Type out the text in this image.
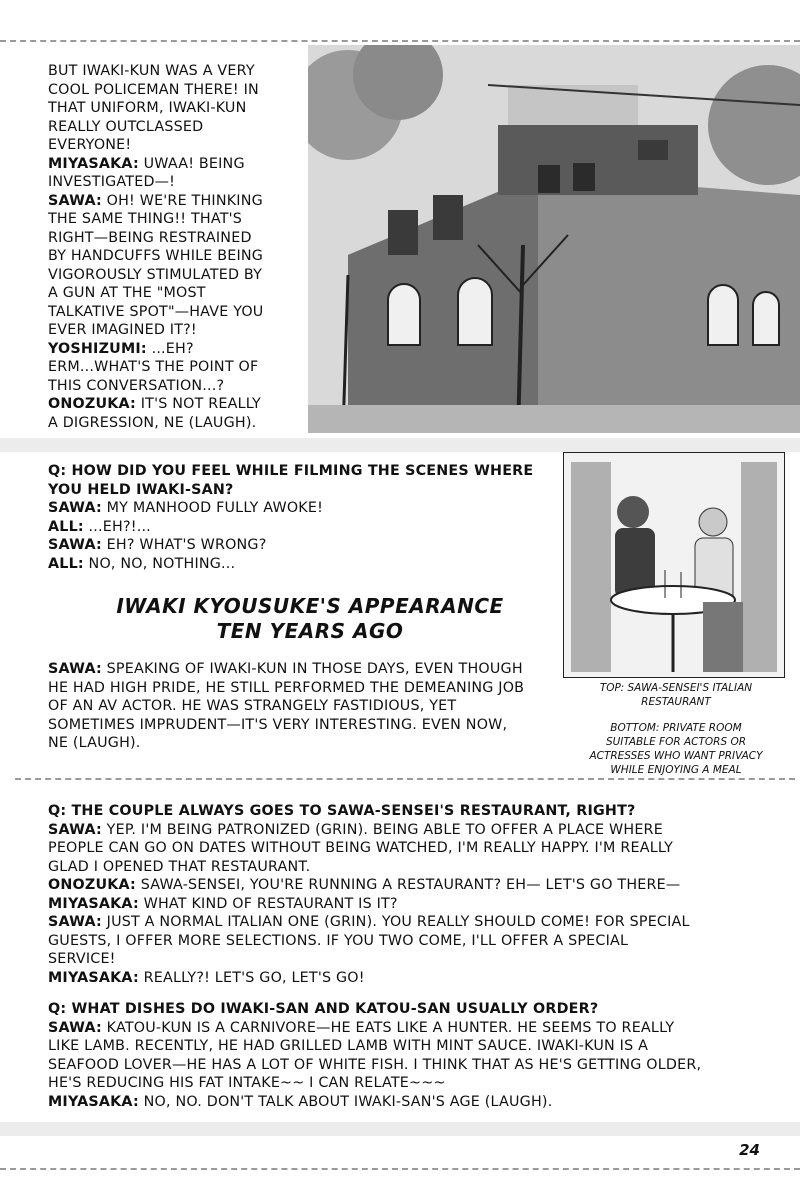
BUT IWAKI-KUN WAS A VERY
COOL POLICEMAN THERE! IN
THAT UNIFORM, IWAKI-KUN
REALLY OUTCLASSED
EVERYONE!
MIYASAKA: UWAA! BEING
INVESTIGATED—!
SAWA: OH! WE'RE THINKING
THE SAME THING!! THAT'S
RIGHT—BEING RESTRAINED
BY HANDCUFFS WHILE BEING
VIGOROUSLY STIMULATED BY
A GUN AT THE "MOST
TALKATIVE SPOT"—HAVE YOU
EVER IMAGINED IT?!
YOSHIZUMI: ...EH?
ERM...WHAT'S THE POINT OF
THIS CONVERSATION...?
ONOZUKA: IT'S NOT REALLY
A DIGRESSION, NE (LAUGH).
Q: HOW DID YOU FEEL WHILE FILMING THE SCENES WHERE
YOU HELD IWAKI-SAN?
SAWA: MY MANHOOD FULLY AWOKE!
ALL: ...EH?!...
SAWA: EH? WHAT'S WRONG?
ALL: NO, NO, NOTHING...
IWAKI KYOUSUKE'S APPEARANCE
TEN YEARS AGO
SAWA: SPEAKING OF IWAKI-KUN IN THOSE DAYS, EVEN THOUGH
HE HAD HIGH PRIDE, HE STILL PERFORMED THE DEMEANING JOB
OF AN AV ACTOR. HE WAS STRANGELY FASTIDIOUS, YET
SOMETIMES IMPRUDENT—IT'S VERY INTERESTING. EVEN NOW,
NE (LAUGH).

TOP: SAWA-SENSEI'S ITALIAN
RESTAURANT

BOTTOM: PRIVATE ROOM
SUITABLE FOR ACTORS OR
ACTRESSES WHO WANT PRIVACY
WHILE ENJOYING A MEAL

Q: THE COUPLE ALWAYS GOES TO SAWA-SENSEI'S RESTAURANT, RIGHT?
SAWA: YEP. I'M BEING PATRONIZED (GRIN). BEING ABLE TO OFFER A PLACE WHERE
PEOPLE CAN GO ON DATES WITHOUT BEING WATCHED, I'M REALLY HAPPY. I'M REALLY
GLAD I OPENED THAT RESTAURANT.
ONOZUKA: SAWA-SENSEI, YOU'RE RUNNING A RESTAURANT? EH— LET'S GO THERE—
MIYASAKA: WHAT KIND OF RESTAURANT IS IT?
SAWA: JUST A NORMAL ITALIAN ONE (GRIN). YOU REALLY SHOULD COME! FOR SPECIAL
GUESTS, I OFFER MORE SELECTIONS. IF YOU TWO COME, I'LL OFFER A SPECIAL
SERVICE!
MIYASAKA: REALLY?! LET'S GO, LET'S GO!
Q: WHAT DISHES DO IWAKI-SAN AND KATOU-SAN USUALLY ORDER?
SAWA: KATOU-KUN IS A CARNIVORE—HE EATS LIKE A HUNTER. HE SEEMS TO REALLY
LIKE LAMB. RECENTLY, HE HAD GRILLED LAMB WITH MINT SAUCE. IWAKI-KUN IS A
SEAFOOD LOVER—HE HAS A LOT OF WHITE FISH. I THINK THAT AS HE'S GETTING OLDER,
HE'S REDUCING HIS FAT INTAKE~~ I CAN RELATE~~~
MIYASAKA: NO, NO. DON'T TALK ABOUT IWAKI-SAN'S AGE (LAUGH).
24
